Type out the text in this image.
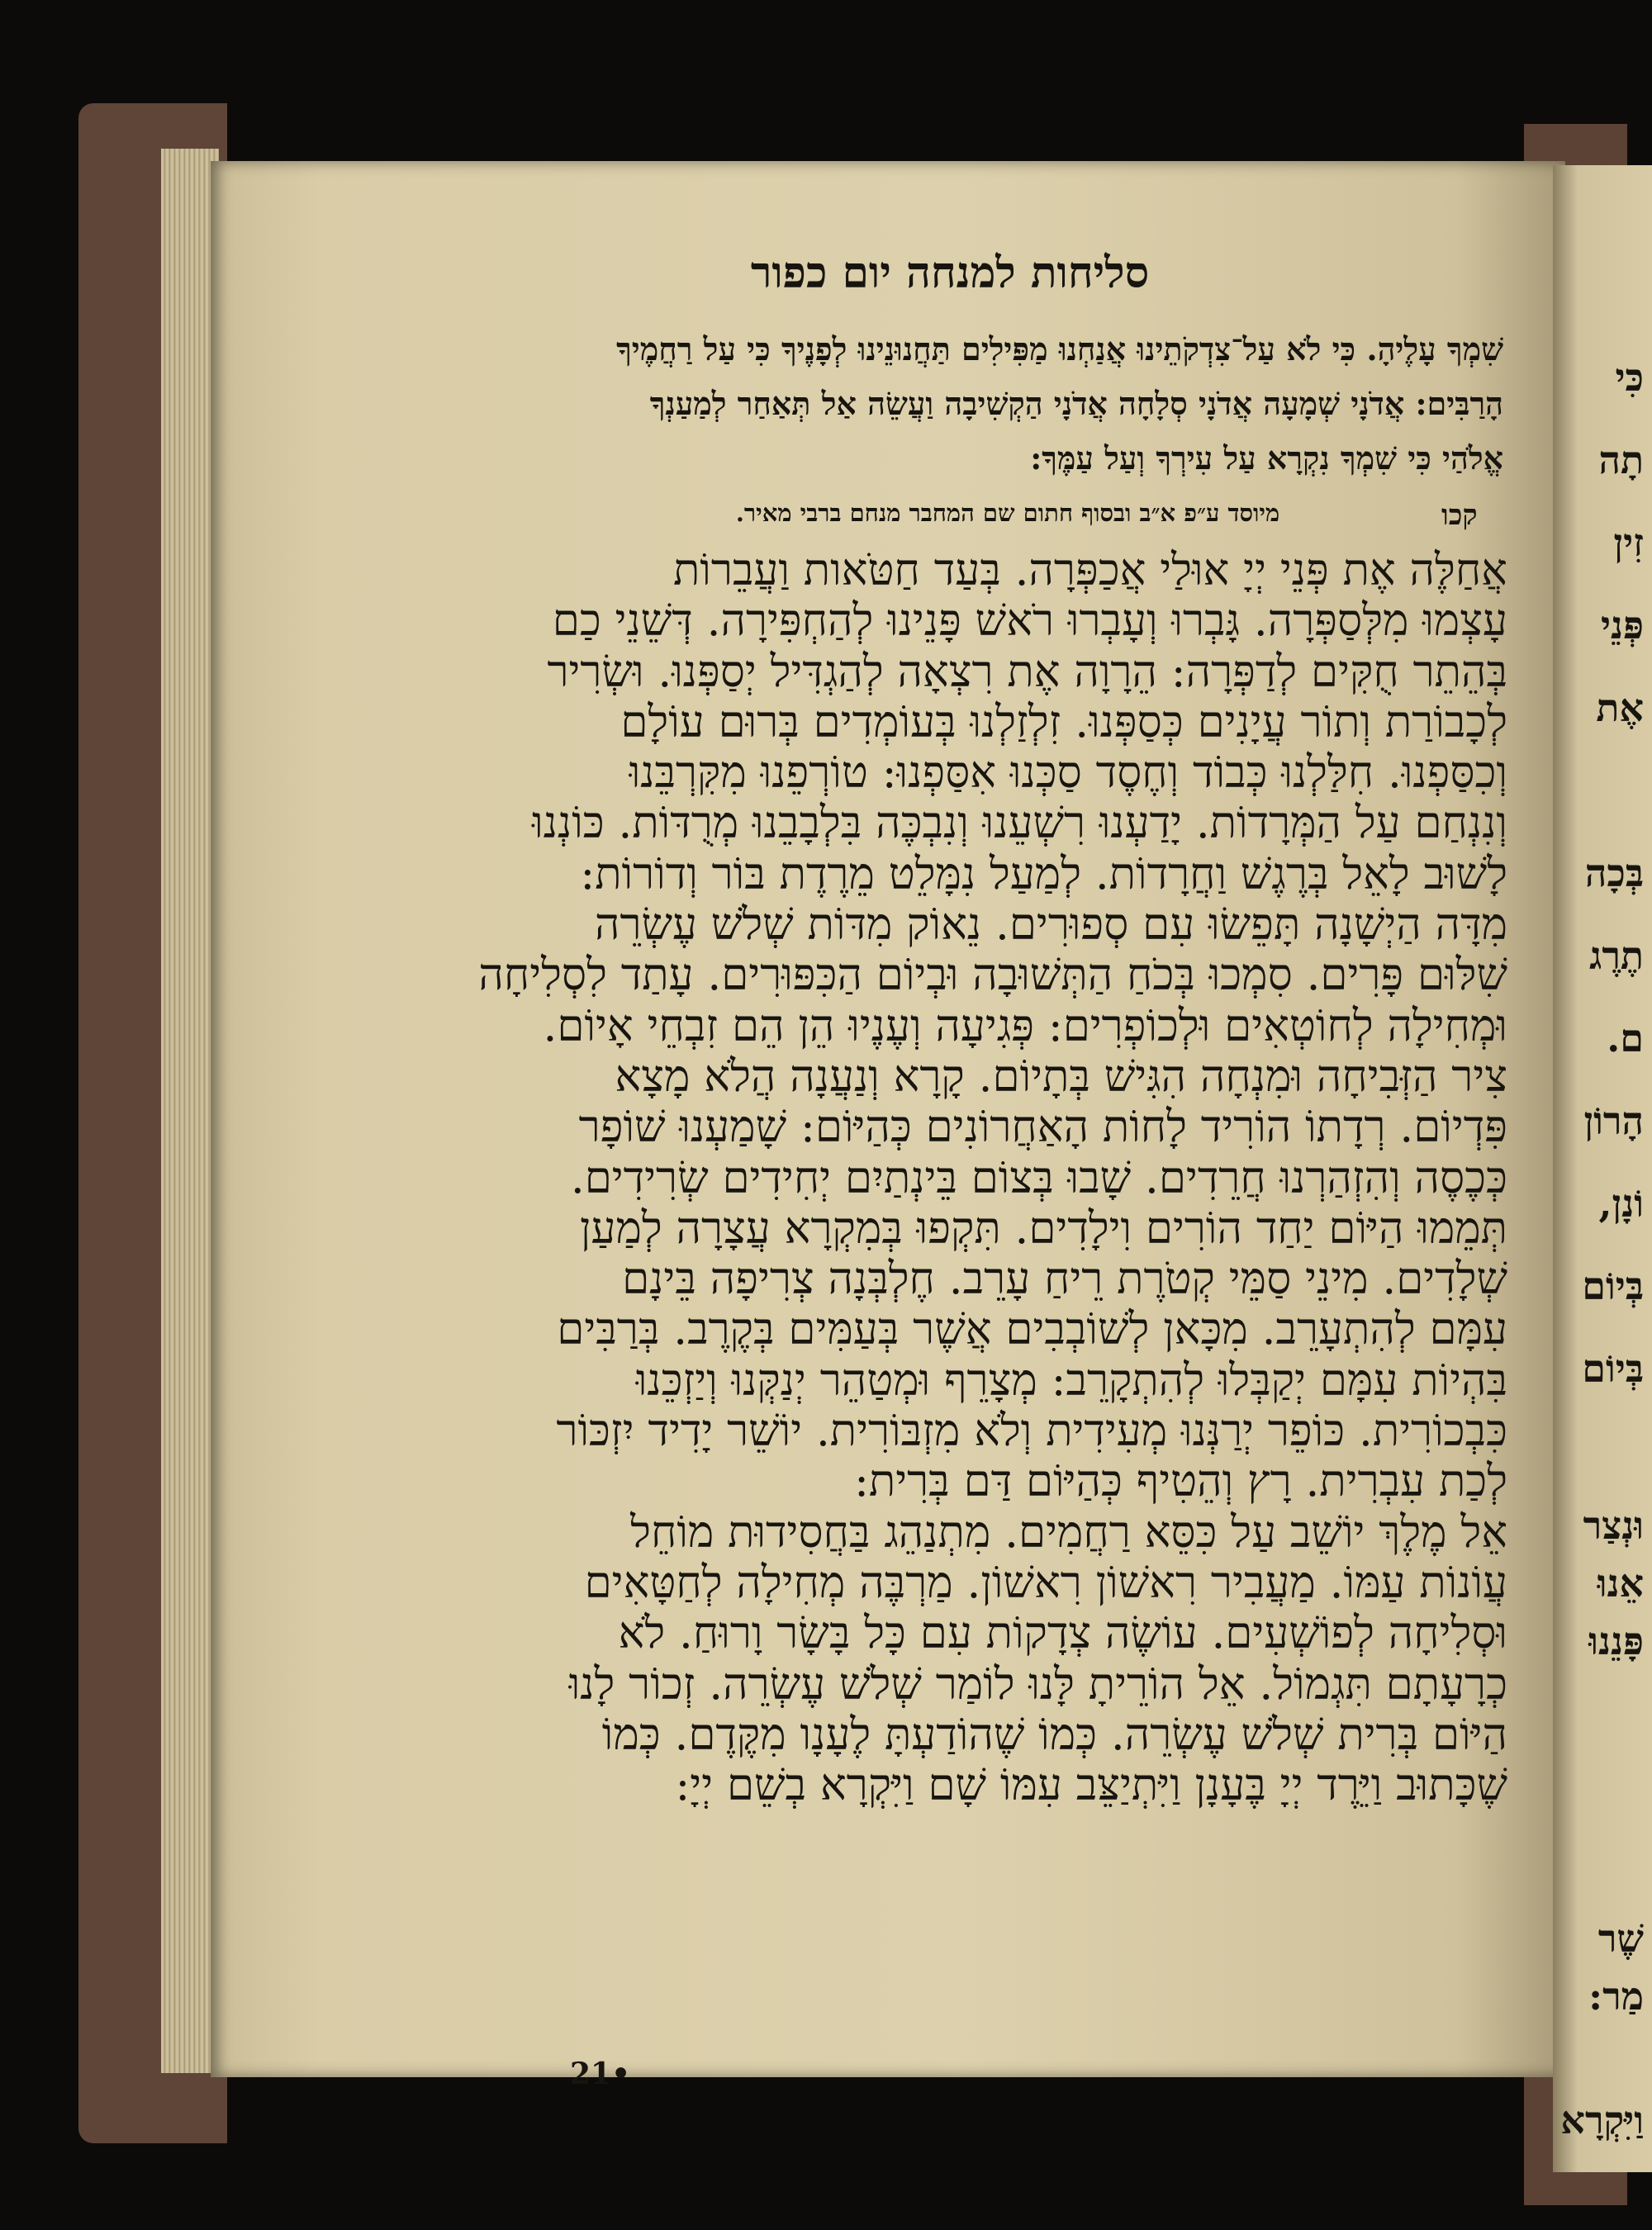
סליחות למנחה יום כפור
שִׁמְךָ עָלֶיהָ. כִּי לֹא עַל־צִדְקֹתֵינוּ אֲנַחְנוּ מַפִּילִים תַּחֲנוּנֵינוּ לְפָנֶיךָ כִּי עַל רַחֲמֶיךָ
הָרַבִּים: אֲדֹנָי שְׁמָעָה אֲדֹנָי סְלָחָה אֲדֹנָי הַקְשִׁיבָה וַעֲשֵׂה אַל תְּאַחַר לְמַעַנְךָ
אֱלֹהַי כִּי שִׁמְךָ נִקְרָא עַל עִירְךָ וְעַל עַמֶּךָ:
קכו
מיוסד ע״פ א״ב ובסוף חתום שם המחבר מנחם ברבי מאיר.
אֲחַלֶּה אֶת פְּנֵי יְיָ אוּלַי אֲכַפְּרָה. בְּעַד חַטֹּאות וַעֲבֵרוֹת
עָצְמוּ מִלְּסַפְּרָה. גָּבְרוּ וְעָבְרוּ רֹאשׁ פָּנֵינוּ לְהַחְפִּירָה. דְּשֵׁנֵי כַם
בְּהֵתֵר חֻקִּים לְדַפְּרָה: הֵרָוָה אֶת רִצְאָה לְהַגְדִּיל יְסַפְּנוּ. וּשְׂרִיר
לְכָבוֹרַת וְתוֹר עֲיָנִים כְּסַפְּנוּ. זִלְזַלְנוּ בְּעוֹמְדִים בְּרוּם עוֹלָם
וְכִסַּפְנוּ. חִלַּלְנוּ כְּבוֹד וְחֶסֶד סַכְּנוּ אִסַּפְנוּ: טוֹרְפֵנוּ מִקִּרְבֵּנוּ
וְנִנְחַם עַל הַמְּרָדוֹת. יָדַעְנוּ רִשְׁעֵנוּ וְנִבְכֶּה בִּלְבָבֵנוּ מְרֻדּוֹת. כּוֹנְנוּ
לָשׁוּב לָאֵל בְּרֶגֶשׁ וַחֲרָדוֹת. לְמַעַל נִמָּלֵט מֵרֶדֶת בּוֹר וְדוֹרוֹת:
מִדָּה הַיְשָׁנָה תָּפֵשׂוּ עִם סְפוּרִים. נֵאוֹק מִדּוֹת שְׁלֹשׁ עֶשְׂרֵה
שִׁלּוּם פָּרִים. סִמְכוּ בְּכֹחַ הַתְּשׁוּבָה וּבְיוֹם הַכִּפּוּרִים. עָתַד לִסְלִיחָה
וּמְחִילָה לְחוֹטְאִים וּלְכוֹפְרִים: פְּגִיעָה וְעֶנֶיוּ הֵן הֵם זִבְחֵי אָיוֹם.
צִיר הַזְּבִיחָה וּמִנְחָה הִגִּישׁ בְּתָיוֹם. קָרָא וְנַעֲנָה הֲלֹא מָצָא
פִּדְיוֹם. רְדָתוֹ הוֹרִיד לָחוֹת הָאַחֲרוֹנִים כְּהַיּוֹם: שָׁמַעְנוּ שׁוֹפָר
כְּכֶסֶה וְהִזְהַרְנוּ חֲרֵדִים. שָׁבוּ בְּצוֹם בֵּינְתַיִם יְחִידִים שְׂרִידִים.
תְּמֵמוּ הַיּוֹם יַחַד הוֹרִים וִילָדִים. תִּקְפוּ בְּמִקְרָא עֲצָרָה לְמַעַן
שְׁלָדִים. מִינֵי סַמֵּי קְטֹרֶת רֵיחַ עָרֵב. חֶלְבְּנָה צְרִיפָה בֵּינָם
עִמָּם לְהִתְעָרֵב. מִכָּאן לְשׁוֹבְבִים אֲשֶׁר בְּעַמִּים בְּקֶרֶב. בְּרַבִּים
בִּהְיוֹת עִמָּם יְקַבְּלוּ לְהִתְקָרֵב: מְצָרֵף וּמְטַהֵר יְנַקְּנוּ וְיַזְכֵּנוּ
כִּבְכוֹרִית. כּוֹפֵר יְרַנְּנוּ מְעִידִית וְלֹא מִזְבּוֹרִית. יוֹשֵׁר יָדִיד יִזְכּוֹר
לְכַת עִבְרִית. רָץ וְהֵטִיף כְּהַיּוֹם דַּם בְּרִית:
אֵל מֶלֶךְ יוֹשֵׁב עַל כִּסֵּא רַחֲמִים. מִתְנַהֵג בַּחֲסִידוּת מוֹחֵל
עֲוֹנוֹת עַמּוֹ. מַעֲבִיר רִאשׁוֹן רִאשׁוֹן. מַרְבֶּה מְחִילָה לְחַטָּאִים
וּסְלִיחָה לְפוֹשְׁעִים. עוֹשֶׂה צְדָקוֹת עִם כָּל בָּשָׂר וָרוּחַ. לֹא
כְרָעָתָם תִּגְמוֹל. אֵל הוֹרֵיתָ לָּנוּ לוֹמַר שְׁלֹשׁ עֶשְׂרֵה. זְכוֹר לָנוּ
הַיּוֹם בְּרִית שְׁלֹשׁ עֶשְׂרֵה. כְּמוֹ שֶׁהוֹדַעְתָּ לֶעָנָו מִקֶּדֶם. כְּמוֹ
שֶׁכָּתוּב וַיֵּרֶד יְיָ בֶּעָנָן וַיִּתְיַצֵּב עִמּוֹ שָׁם וַיִּקְרָא בְשֵׁם יְיָ:
21•
כִּי
תָה
זִין
פְּנֵי
אֶת
בְּכָה
תֶרֶג
ם.
הָרוֹן
וֹנָן,
בְּיוֹם
בְּיוֹם
וּנְצַר
אֵנוּ
פָּנֵנוּ
שֶׁר
מַר:
וַיִּקְרָא
